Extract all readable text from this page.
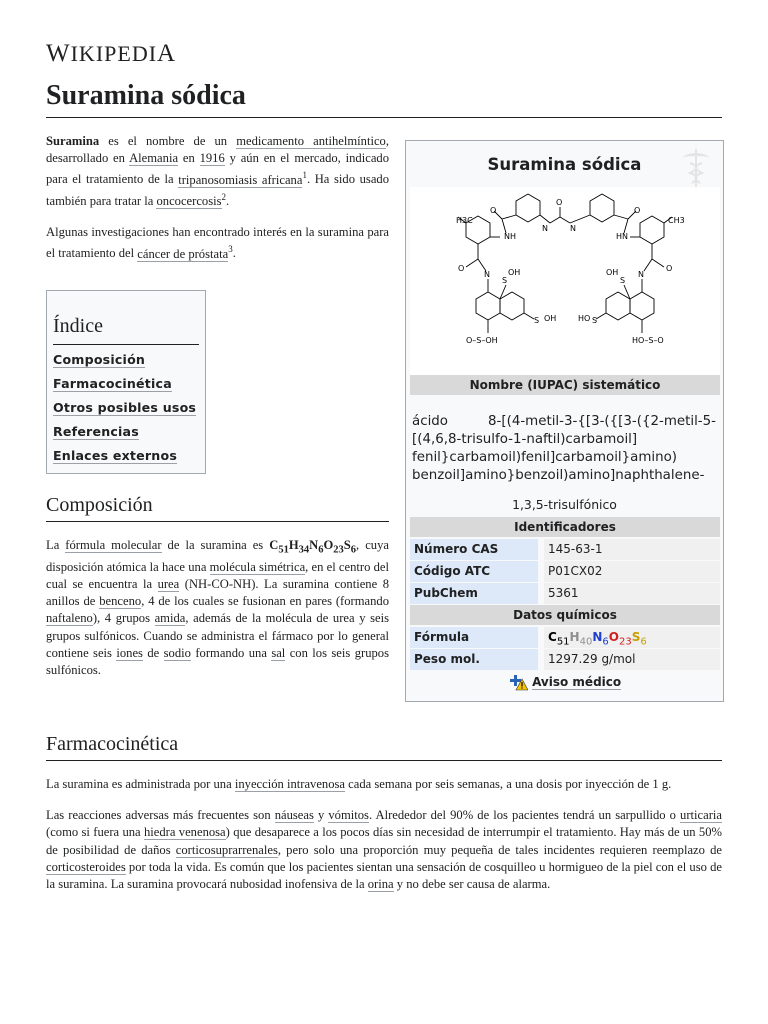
WIKIPEDIA
Suramina sódica

Suramina es el nombre de un medicamento antihelmíntico, desarrollado en Alemania en 1916 y aún en el mercado, indicado para el tratamiento de la tripanosomiasis africana$^1$. Ha sido usado también para tratar la oncocercosis$^2$.

Algunas investigaciones han encontrado interés en la suramina para el tratamiento del cáncer de próstata$^3$.

Índice
Composición
Farmacocinética
Otros posibles usos
Referencias
Enlaces externos
Composición

La fórmula molecular de la suramina es $C_{51}H_{34}N_6O_{23}S_6$, cuya disposición atómica la hace una molécula simétrica, en el centro del cual se encuentra la urea (NH-CO-NH). La suramina contiene 8 anillos de benceno, 4 de los cuales se fusionan en pares (formando naftaleno), 4 grupos amida, además de la molécula de urea y seis grupos sulfónicos. Cuando se administra el fármaco por lo general contiene seis iones de sodio formando una sal con los seis grupos sulfónicos.

Suramina sódica
H3C	CH3
O	O
NH	HN
N	N
O
O	O
N	N
S	S
OH	OH
S OH	HO S
O–S–OH	HO–S–O
Nombre (IUPAC) sistemático
ácido 8-[(4-metil-3-{[3-({[3-({2-metil-5-[(4,6,8-trisulfo-1-naftil)carbamoil] fenil}carbamoil)fenil]carbamoil}amino) benzoil]amino}benzoil)amino]naphthalene-
1,3,5-trisulfónico
Identificadores
Número CAS	145-63-1
Código ATC	P01CX02
PubChem	5361
Datos químicos
Fórmula	$C_{51}H_{40}N_6O_{23}S_6$
Peso mol.	1297.29 g/mol
Aviso médico
Farmacocinética

La suramina es administrada por una inyección intravenosa cada semana por seis semanas, a una dosis por inyección de 1 g.

Las reacciones adversas más frecuentes son náuseas y vómitos. Alrededor del 90% de los pacientes tendrá un sarpullido o urticaria (como si fuera una hiedra venenosa) que desaparece a los pocos días sin necesidad de interrumpir el tratamiento. Hay más de un 50% de posibilidad de daños corticosuprarrenales, pero solo una proporción muy pequeña de tales incidentes requieren reemplazo de corticosteroides por toda la vida. Es común que los pacientes sientan una sensación de cosquilleo u hormigueo de la piel con el uso de la suramina. La suramina provocará nubosidad inofensiva de la orina y no debe ser causa de alarma.
